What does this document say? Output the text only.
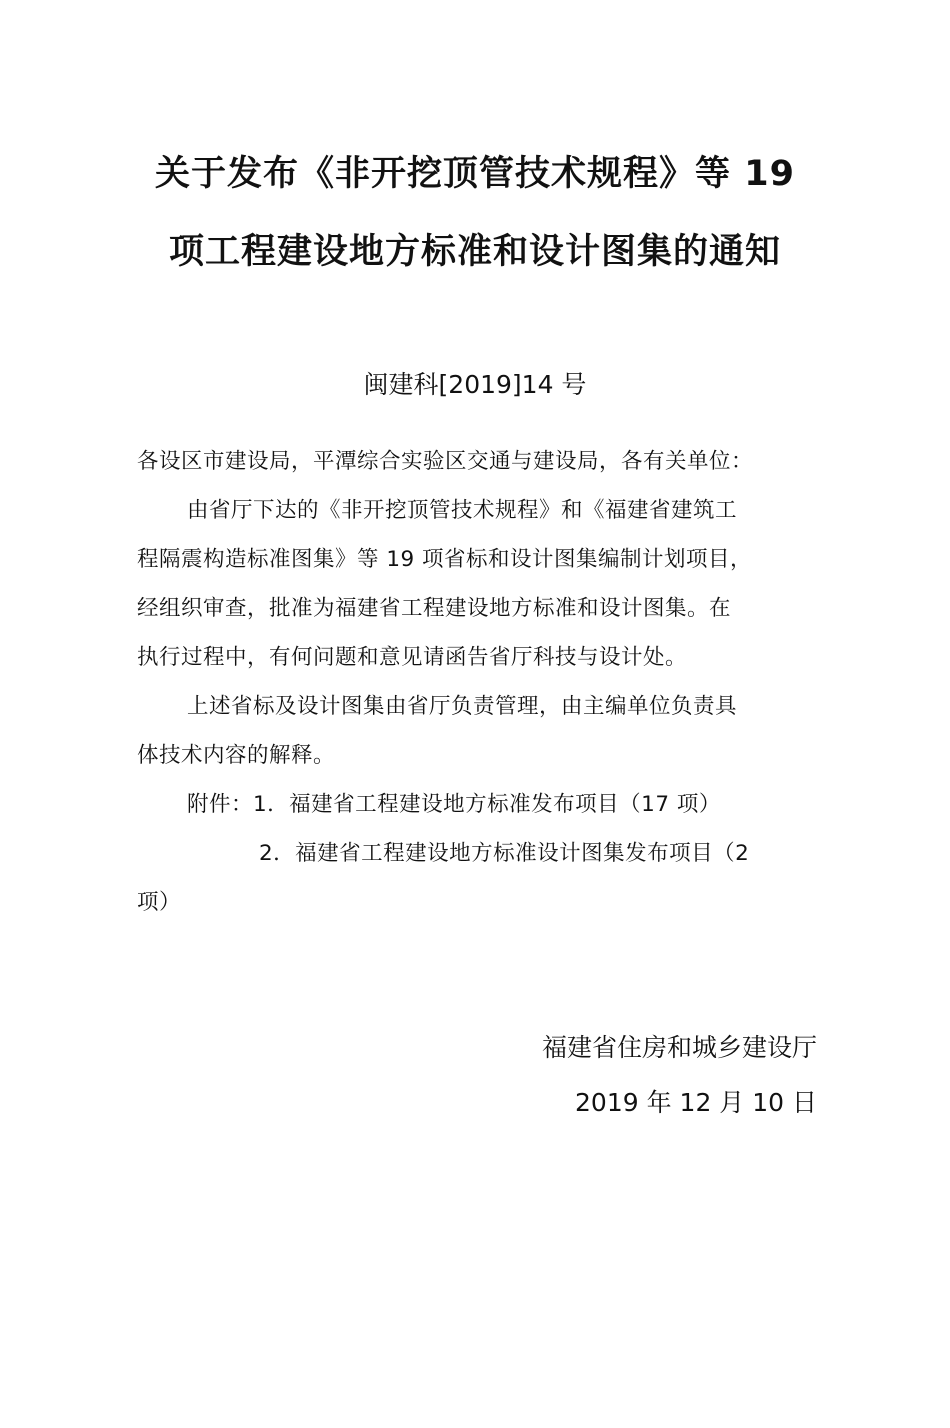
关于发布《非开挖顶管技术规程》等 19
项工程建设地方标准和设计图集的通知
闽建科[2019]14 号
各设区市建设局，平潭综合实验区交通与建设局，各有关单位：
由省厅下达的《非开挖顶管技术规程》和《福建省建筑工
程隔震构造标准图集》等 19 项省标和设计图集编制计划项目，
经组织审查，批准为福建省工程建设地方标准和设计图集。在
执行过程中，有何问题和意见请函告省厅科技与设计处。
上述省标及设计图集由省厅负责管理，由主编单位负责具
体技术内容的解释。
附件：1．福建省工程建设地方标准发布项目（17 项）
2．福建省工程建设地方标准设计图集发布项目（2
项）
福建省住房和城乡建设厅
2019 年 12 月 10 日
